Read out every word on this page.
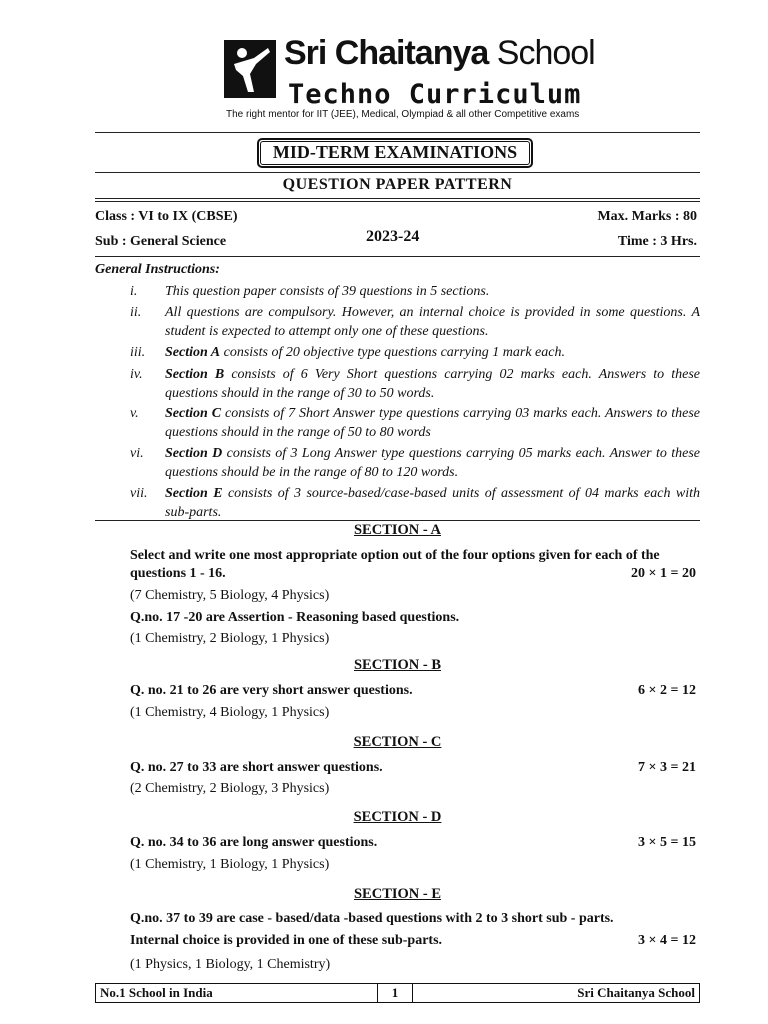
Sri Chaitanya School
Techno Curriculum
The right mentor for IIT (JEE), Medical, Olympiad & all other Competitive exams
MID-TERM EXAMINATIONS
QUESTION PAPER PATTERN
Class : VI to IX (CBSE)	Max. Marks : 80
2023-24
Sub : General Science	Time : 3 Hrs.
General Instructions:
i. This question paper consists of 39 questions in 5 sections.
ii. All questions are compulsory. However, an internal choice is provided in some questions. A student is expected to attempt only one of these questions.
iii. Section A consists of 20 objective type questions carrying 1 mark each.
iv. Section B consists of 6 Very Short questions carrying 02 marks each. Answers to these questions should in the range of 30 to 50 words.
v. Section C consists of 7 Short Answer type questions carrying 03 marks each. Answers to these questions should in the range of 50 to 80 words
vi. Section D consists of 3 Long Answer type questions carrying 05 marks each. Answer to these questions should be in the range of 80 to 120 words.
vii. Section E consists of 3 source-based/case-based units of assessment of 04 marks each with sub-parts.
SECTION - A
Select and write one most appropriate option out of the four options given for each of the
questions 1 - 16.	20 × 1 = 20
(7 Chemistry, 5 Biology, 4 Physics)
Q.no. 17 -20 are Assertion - Reasoning based questions.
(1 Chemistry, 2 Biology, 1 Physics)
SECTION - B
Q. no. 21 to 26 are very short answer questions.	6 × 2 = 12
(1 Chemistry, 4 Biology, 1 Physics)
SECTION - C
Q. no. 27 to 33 are short answer questions.	7 × 3 = 21
(2 Chemistry, 2 Biology, 3 Physics)
SECTION - D
Q. no. 34 to 36 are long answer questions.	3 × 5 = 15
(1 Chemistry, 1 Biology, 1 Physics)
SECTION - E
Q.no. 37 to 39 are case - based/data -based questions with 2 to 3 short sub - parts.
Internal choice is provided in one of these sub-parts.	3 × 4 = 12
(1 Physics, 1 Biology, 1 Chemistry)
No.1 School in India	1	Sri Chaitanya School
